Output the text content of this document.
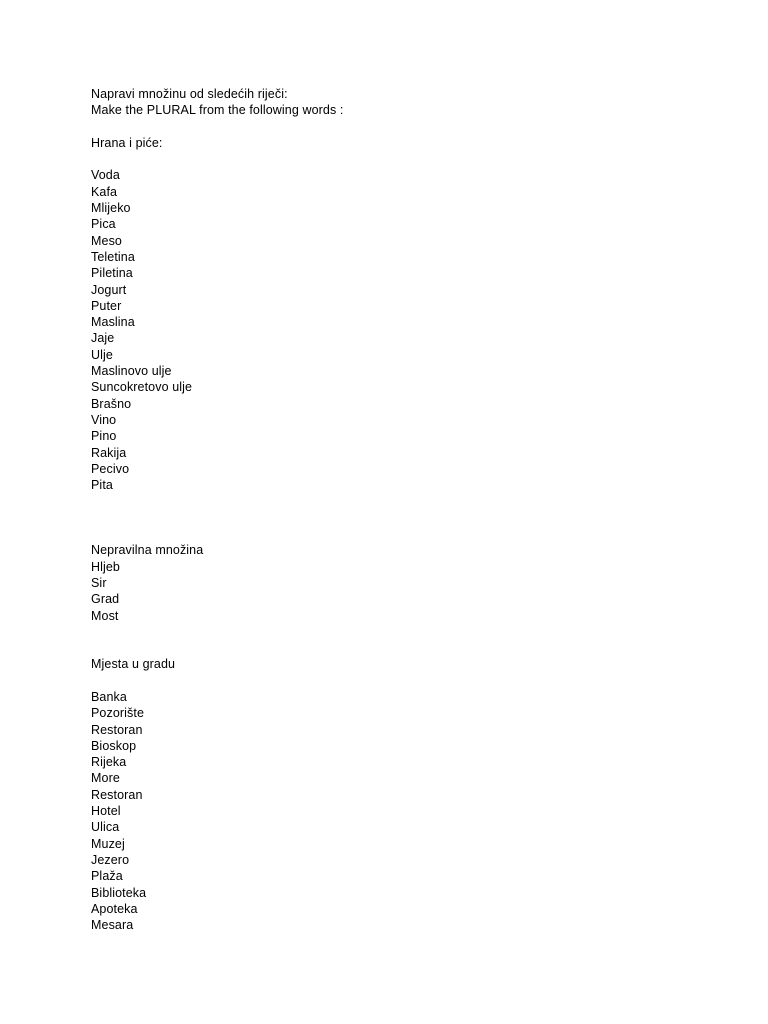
Napravi množinu od sledećih riječi:
Make the PLURAL from the following words :
Hrana i piće:
Voda
Kafa
Mlijeko
Pica
Meso
Teletina
Piletina
Jogurt
Puter
Maslina
Jaje
Ulje
Maslinovo ulje
Suncokretovo ulje
Brašno
Vino
Pino
Rakija
Pecivo
Pita
Nepravilna množina
Hljeb
Sir
Grad
Most
Mjesta u gradu
Banka
Pozorište
Restoran
Bioskop
Rijeka
More
Restoran
Hotel
Ulica
Muzej
Jezero
Plaža
Biblioteka
Apoteka
Mesara
